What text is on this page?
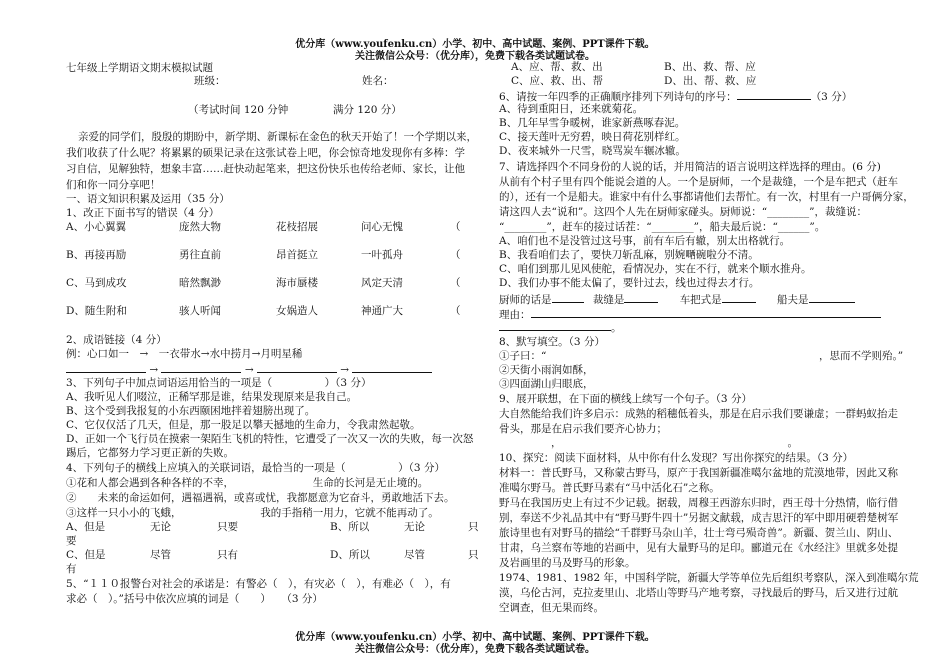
优分库（www.youfenku.cn）小学、初中、高中试题、案例、PPT课件下载。
关注微信公众号：（优分库），免费下载各类试题试卷。
优分库（www.youfenku.cn）小学、初中、高中试题、案例、PPT课件下载。
关注微信公众号：（优分库），免费下载各类试题试卷。
七年级上学期语文期末模拟试题
班级：	姓名：
（考试时间 120 分钟	满分 120 分）
亲爱的同学们，殷殷的期盼中，新学期、新课标在金色的秋天开始了！一个学期以来，
我们收获了什么呢？将累累的硕果记录在这张试卷上吧，你会惊奇地发现你有多棒：学
习自信，见解独特，想象丰富……赶快动起笔来，把这份快乐也传给老师、家长，让他
们和你一同分享吧！
一、语文知识积累及运用（35 分）
1、改正下面书写的错误（4 分）
A、小心翼翼	庞然大物	花枝招展	问心无愧	（
B、再接再励	勇往直前	昂首挺立	一叶孤舟	（
C、马到成攻	暗然飘渺	海市蜃楼	风定天清	（
D、随生附和	骇人听闻	女娲造人	神通广大	（
2、成语链接（4 分）
例：心口如一　→　一衣带水→水中捞月→月明星稀
→	→	→
3、下列句子中加点词语运用恰当的一项是（　　　　　）（3 分）
A、我听见人们啜泣，正稀罕那是谁，结果发现原来是我自己。
B、这个受到我报复的小东西颐困地拌着翅膀出现了。
C、它仅仅活了几天，但是，那一股足以攀天撼地的生命力，令我肃然起敬。
D、正如一个飞行员在摸索一架陌生飞机的特性，它遭受了一次又一次的失败，每一次怒
踢后，它都努力学习更正新的失败。
4、下列句子的横线上应填入的关联词语，最恰当的一项是（　　　　　）（3 分）
①花和人都会遇到各种各样的不幸，　　　　　　　　生命的长河是无止境的。
②　　未来的命运如何，遇福遇祸，或喜或忧，我都愿意为它奋斗，勇敢地活下去。
③这样一只小小的飞蛾，　　　　　　　　我的手指稍一用力，它就不能再动了。
A、但是	无论	只要	B、所以	无论	只
要
C、但是	尽管	只有	D、所以	尽管	只
有
5、“１１０报警台对社会的承诺是：有警必（　），有灾必（　），有难必（　），有
求必（　）。”括号中依次应填的词是（　　）　　（3 分）
A、应、帮、救、出	B、出、救、帮、应
C、应、救、出、帮	D、出、帮、救、应
6、请按一年四季的正确顺序排列下列诗句的序号：	（3 分）
A、待到重阳日，还来就菊花。
B、几年早雪争暖树，谁家新燕啄春泥。
C、接天莲叶无穷碧，映日荷花别样红。
D、夜来城外一尺雪，晓骂炭车辗冰辙。
7、请选择四个不同身份的人说的话，并用简洁的语言说明这样选择的理由。(6 分)
从前有个村子里有四个能说会道的人。一个是厨师，一个是裁缝，一个是车把式（赶车
的），还有一个是船夫。谁家中有什么事都请他们去帮忙。有一次，村里有一户哥俩分家，
请这四人去“说和”。这四个人先在厨师家碰头。厨师说：“________”，裁缝说：
“________”，赶车的接过话茬：“________”，船夫最后说：“______”。
A、咱们也不是没管过这号事，前有车后有辙，别太出格就行。
B、我看咱们去了，要快刀斩乱麻，别婉嗮碗啦分不清。
C、咱们到那儿见风使舵，看情况办，实在不行，就来个顺水推舟。
D、我们办事不能太偏了，要针过去，线也过得去才行。
厨师的话是	裁缝是	车把式是	船夫是
理由：
。
8、默写填空。（3 分）
①子曰：“	，思而不学则殆。”
②天街小雨润如酥，
③四面湖山归眼底，
9、展开联想，在下面的横线上续写一个句子。（3 分）
大自然能给我们许多启示：成熟的稻穗低着头，那是在启示我们要谦虚；一群蚂蚁抬走
骨头，那是在启示我们要齐心协力；
，	。
10、探究：阅读下面材料，从中你有什么发现？写出你探究的结果。（3 分）
材料一：普氏野马，又称蒙古野马，原产于我国新疆准噶尔盆地的荒漠地带，因此又称
准噶尔野马。普氏野马素有“马中活化石”之称。
野马在我国历史上有过不少记载。据载，周穆王西游东归时，西王母十分热情，临行借
别，奉送不少礼品其中有“野马野牛四十”另据文献载，成吉思汗的军中即用硬碧楚树军
旅诗里也有对野马的描绘“千群野马杂山羊，壮士弯弓殒奇兽”。新疆、贺兰山、阴山、
甘肃，乌兰察布等地的岩画中，见有大量野马的足印。郦道元在《水经注》里就多处提
及岩画里的马及野马的形象。
1974、1981、1982 年，中国科学院，新疆大学等单位先后组织考察队，深入到准噶尔荒
漠，乌伦古河，克拉麦里山、北塔山等野马产地考察，寻找最后的野马，后又进行过航
空调查，但无果而终。
